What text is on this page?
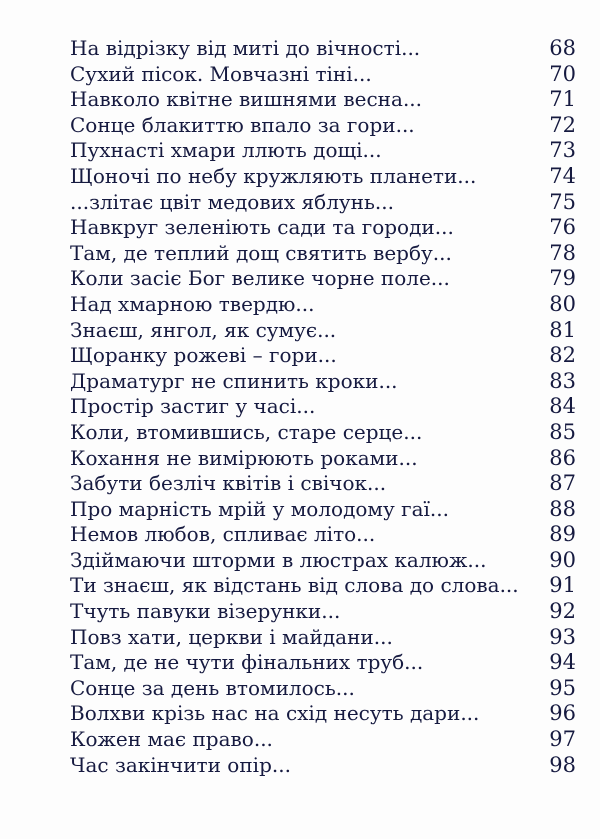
На відрізку від миті до вічності...	68
Сухий пісок. Мовчазні тіні...	70
Навколо квітне вишнями весна...	71
Сонце блакиттю впало за гори...	72
Пухнасті хмари ллють дощі...	73
Щоночі по небу кружляють планети...	74
...злітає цвіт медових яблунь...	75
Навкруг зеленіють сади та городи...	76
Там, де теплий дощ святить вербу...	78
Коли засіє Бог велике чорне поле...	79
Над хмарною твердю...	80
Знаєш, янгол, як сумує...	81
Щоранку рожеві – гори...	82
Драматург не спинить кроки...	83
Простір застиг у часі...	84
Коли, втомившись, старе серце...	85
Кохання не вимірюють роками...	86
Забути безліч квітів і свічок...	87
Про марність мрій у молодому гаї...	88
Немов любов, спливає літо...	89
Здіймаючи шторми в люстрах калюж...	90
Ти знаєш, як відстань від слова до слова...	91
Тчуть павуки візерунки...	92
Повз хати, церкви і майдани...	93
Там, де не чути фінальних труб...	94
Сонце за день втомилось...	95
Волхви крізь нас на схід несуть дари...	96
Кожен має право...	97
Час закінчити опір...	98
